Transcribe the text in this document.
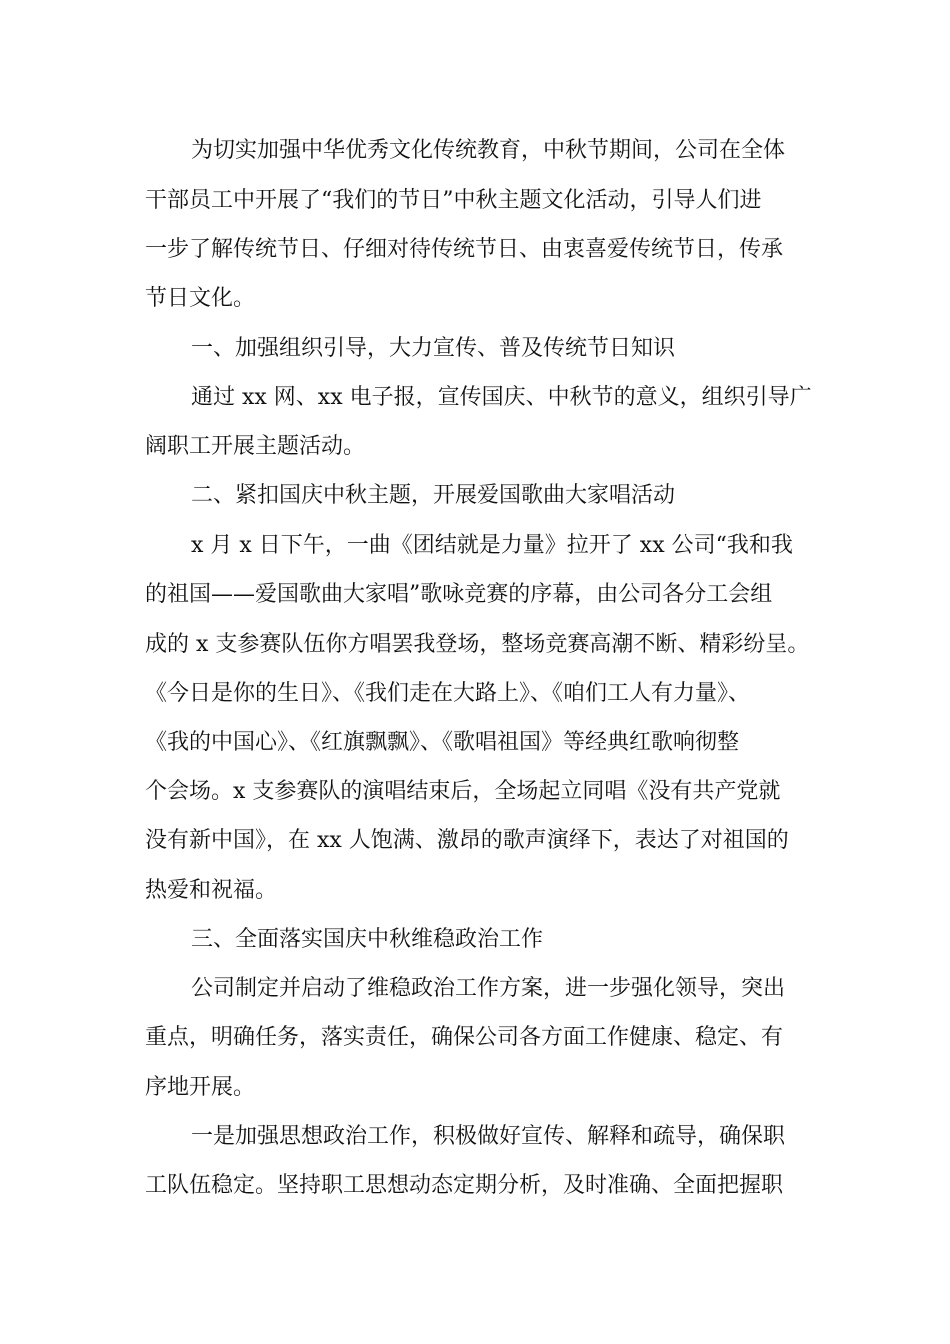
为切实加强中华优秀文化传统教育，中秋节期间，公司在全体
干部员工中开展了“我们的节日”中秋主题文化活动，引导人们进
一步了解传统节日、仔细对待传统节日、由衷喜爱传统节日，传承
节日文化。
一、加强组织引导，大力宣传、普及传统节日知识
通过 xx 网、xx 电子报，宣传国庆、中秋节的意义，组织引导广
阔职工开展主题活动。
二、紧扣国庆中秋主题，开展爱国歌曲大家唱活动
x 月 x 日下午，一曲《团结就是力量》拉开了 xx 公司“我和我
的祖国——爱国歌曲大家唱”歌咏竞赛的序幕，由公司各分工会组
成的 x 支参赛队伍你方唱罢我登场，整场竞赛高潮不断、精彩纷呈。
《今日是你的生日》、《我们走在大路上》、《咱们工人有力量》、
《我的中国心》、《红旗飘飘》、《歌唱祖国》等经典红歌响彻整
个会场。x 支参赛队的演唱结束后，全场起立同唱《没有共产党就
没有新中国》，在 xx 人饱满、激昂的歌声演绎下，表达了对祖国的
热爱和祝福。
三、全面落实国庆中秋维稳政治工作
公司制定并启动了维稳政治工作方案，进一步强化领导，突出
重点，明确任务，落实责任，确保公司各方面工作健康、稳定、有
序地开展。
一是加强思想政治工作，积极做好宣传、解释和疏导，确保职
工队伍稳定。坚持职工思想动态定期分析，及时准确、全面把握职
